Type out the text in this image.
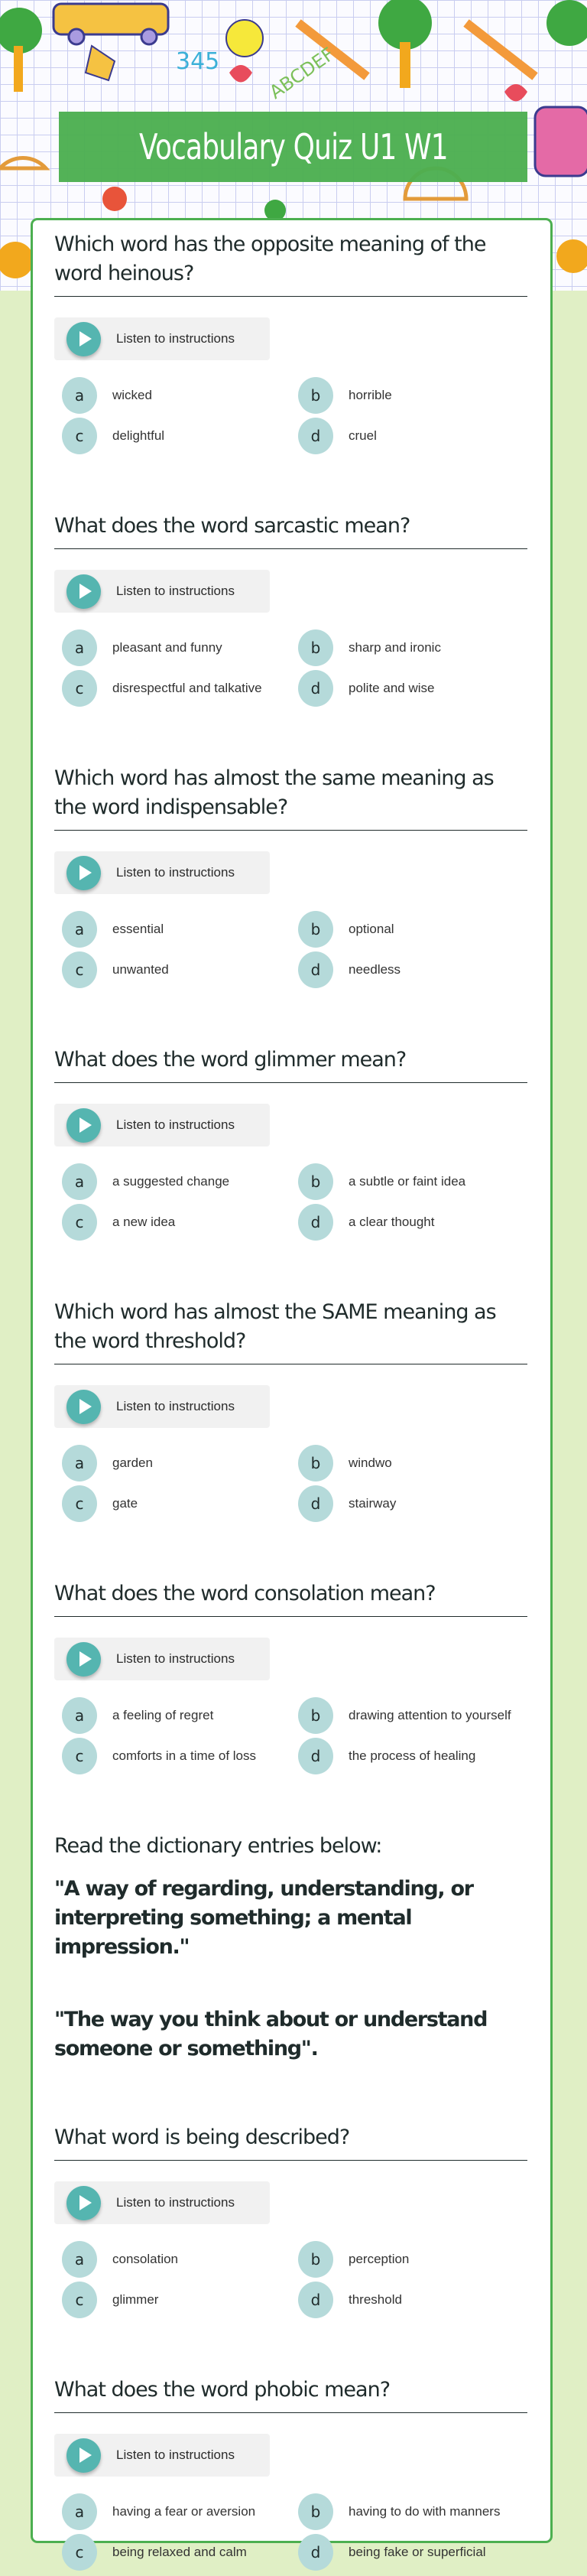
345	ABCDEF
Vocabulary Quiz U1 W1
Which word has the opposite meaning of the word heinous?
Listen to instructions
a	wicked	b	horrible
c	delightful	d	cruel
What does the word sarcastic mean?
Listen to instructions
a	pleasant and funny	b	sharp and ironic
c	disrespectful and talkative	d	polite and wise
Which word has almost the same meaning as the word indispensable?
Listen to instructions
a	essential	b	optional
c	unwanted	d	needless
What does the word glimmer mean?
Listen to instructions
a	a suggested change	b	a subtle or faint idea
c	a new idea	d	a clear thought
Which word has almost the SAME meaning as the word threshold?
Listen to instructions
a	garden	b	windwo
c	gate	d	stairway
What does the word consolation mean?
Listen to instructions
a	a feeling of regret	b	drawing attention to yourself
c	comforts in a time of loss	d	the process of healing
Read the dictionary entries below:
"A way of regarding, understanding, or interpreting something; a mental impression."
"The way you think about or understand someone or something".
What word is being described?
Listen to instructions
a	consolation	b	perception
c	glimmer	d	threshold
What does the word phobic mean?
Listen to instructions
a	having a fear or aversion	b	having to do with manners
c	being relaxed and calm	d	being fake or superficial
